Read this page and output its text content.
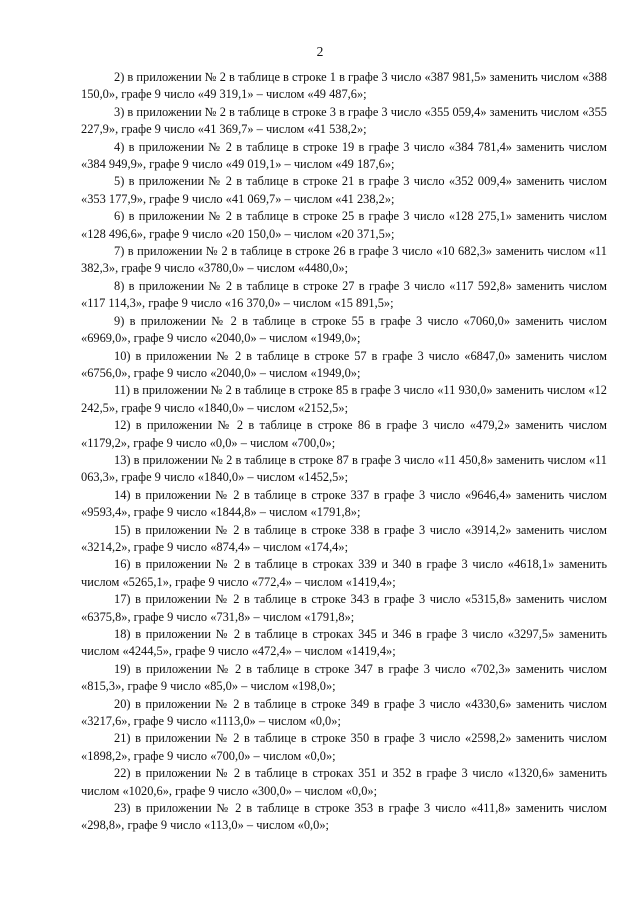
2

2) в приложении № 2 в таблице в строке 1 в графе 3 число «387 981,5» заменить числом «388 150,0», графе 9 число «49 319,1» – числом «49 487,6»;

3) в приложении № 2 в таблице в строке 3 в графе 3 число «355 059,4» заменить числом «355 227,9», графе 9 число «41 369,7» – числом «41 538,2»;

4) в приложении № 2 в таблице в строке 19 в графе 3 число «384 781,4» заменить числом «384 949,9», графе 9 число «49 019,1» – числом «49 187,6»;

5) в приложении № 2 в таблице в строке 21 в графе 3 число «352 009,4» заменить числом «353 177,9», графе 9 число «41 069,7» – числом «41 238,2»;

6) в приложении № 2 в таблице в строке 25 в графе 3 число «128 275,1» заменить числом «128 496,6», графе 9 число «20 150,0» – числом «20 371,5»;

7) в приложении № 2 в таблице в строке 26 в графе 3 число «10 682,3» заменить числом «11 382,3», графе 9 число «3780,0» – числом «4480,0»;

8) в приложении № 2 в таблице в строке 27 в графе 3 число «117 592,8» заменить числом «117 114,3», графе 9 число «16 370,0» – числом «15 891,5»;

9) в приложении № 2 в таблице в строке 55 в графе 3 число «7060,0» заменить числом «6969,0», графе 9 число «2040,0» – числом «1949,0»;

10) в приложении № 2 в таблице в строке 57 в графе 3 число «6847,0» заменить числом «6756,0», графе 9 число «2040,0» – числом «1949,0»;

11) в приложении № 2 в таблице в строке 85 в графе 3 число «11 930,0» заменить числом «12 242,5», графе 9 число «1840,0» – числом «2152,5»;

12) в приложении № 2 в таблице в строке 86 в графе 3 число «479,2» заменить числом «1179,2», графе 9 число «0,0» – числом «700,0»;

13) в приложении № 2 в таблице в строке 87 в графе 3 число «11 450,8» заменить числом «11 063,3», графе 9 число «1840,0» – числом «1452,5»;

14) в приложении № 2 в таблице в строке 337 в графе 3 число «9646,4» заменить числом «9593,4», графе 9 число «1844,8» – числом «1791,8»;

15) в приложении № 2 в таблице в строке 338 в графе 3 число «3914,2» заменить числом «3214,2», графе 9 число «874,4» – числом «174,4»;

16) в приложении № 2 в таблице в строках 339 и 340 в графе 3 число «4618,1» заменить числом «5265,1», графе 9 число «772,4» – числом «1419,4»;

17) в приложении № 2 в таблице в строке 343 в графе 3 число «5315,8» заменить числом «6375,8», графе 9 число «731,8» – числом «1791,8»;

18) в приложении № 2 в таблице в строках 345 и 346 в графе 3 число «3297,5» заменить числом «4244,5», графе 9 число «472,4» – числом «1419,4»;

19) в приложении № 2 в таблице в строке 347 в графе 3 число «702,3» заменить числом «815,3», графе 9 число «85,0» – числом «198,0»;

20) в приложении № 2 в таблице в строке 349 в графе 3 число «4330,6» заменить числом «3217,6», графе 9 число «1113,0» – числом «0,0»;

21) в приложении № 2 в таблице в строке 350 в графе 3 число «2598,2» заменить числом «1898,2», графе 9 число «700,0» – числом «0,0»;

22) в приложении № 2 в таблице в строках 351 и 352 в графе 3 число «1320,6» заменить числом «1020,6», графе 9 число «300,0» – числом «0,0»;

23) в приложении № 2 в таблице в строке 353 в графе 3 число «411,8» заменить числом «298,8», графе 9 число «113,0» – числом «0,0»;
